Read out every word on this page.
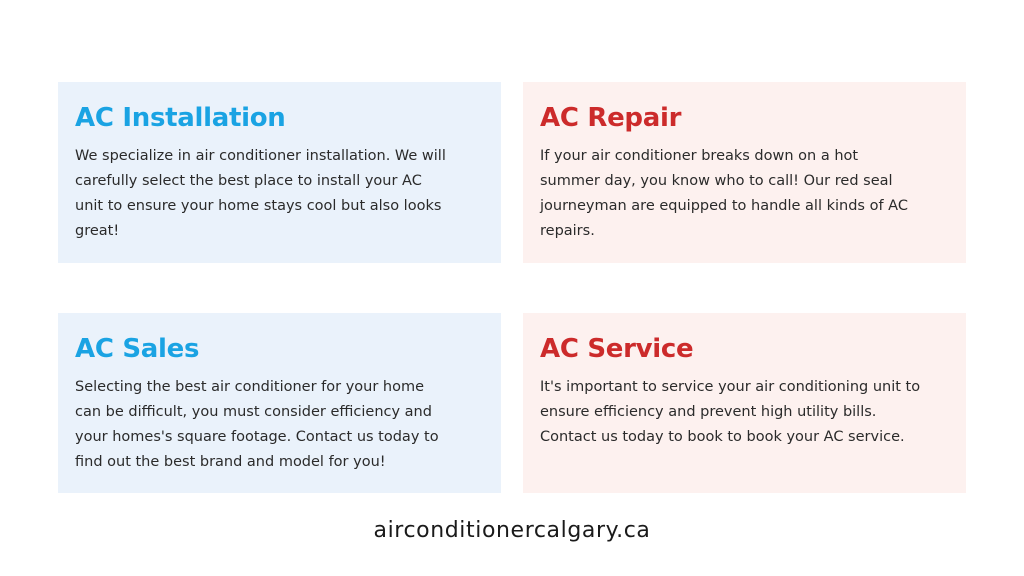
AC Installation

We specialize in air conditioner installation. We will
carefully select the best place to install your AC
unit to ensure your home stays cool but also looks
great!

AC Repair

If your air conditioner breaks down on a hot
summer day, you know who to call! Our red seal
journeyman are equipped to handle all kinds of AC
repairs.

AC Sales

Selecting the best air conditioner for your home
can be difficult, you must consider efficiency and
your homes's square footage. Contact us today to
find out the best brand and model for you!

AC Service

It's important to service your air conditioning unit to
ensure efficiency and prevent high utility bills.
Contact us today to book to book your AC service.

airconditionercalgary.ca
